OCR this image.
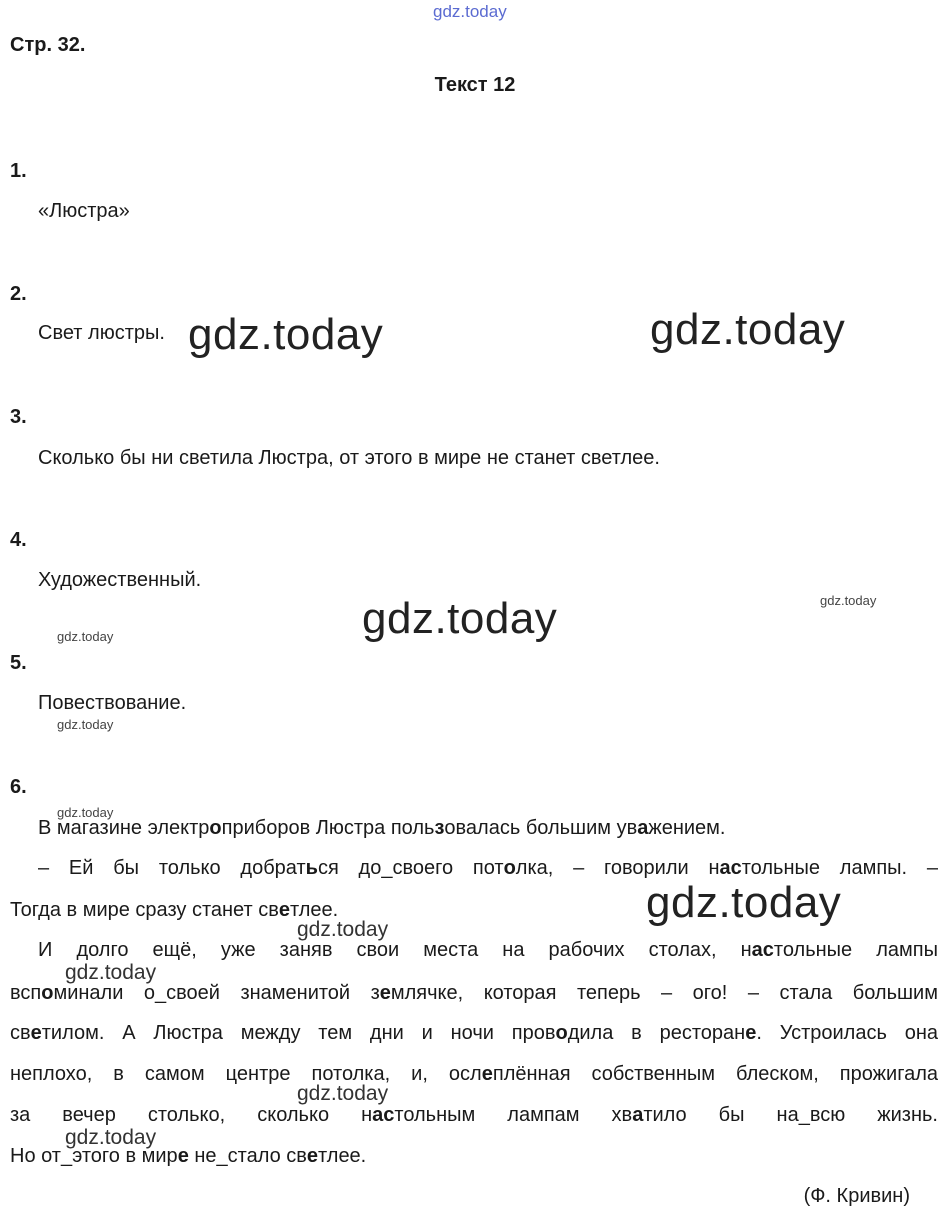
gdz.today
Стр. 32.
Текст 12
1.
«Люстра»
2.
Свет люстры.
3.
Сколько бы ни светила Люстра, от этого в мире не станет светлее.
4.
Художественный.
5.
Повествование.
6.
В магазине электроприборов Люстра пользовалась большим уважением.
– Ей бы только добраться до_своего потолка, – говорили настольные лампы. –
Тогда в мире сразу станет светлее.
И долго ещё, уже заняв свои места на рабочих столах, настольные лампы
вспоминали о_своей знаменитой землячке, которая теперь – ого! – стала большим
светилом. А Люстра между тем дни и ночи проводила в ресторане. Устроилась она
неплохо, в самом центре потолка, и, ослеплённая собственным блеском, прожигала
за вечер столько, сколько настольным лампам хватило бы на_всю жизнь.
Но от_этого в мире не_стало светлее.
(Ф. Кривин)
gdz.today	gdz.today
gdz.today
gdz.today
gdz.today
gdz.today
gdz.today
gdz.today
gdz.today
gdz.today
gdz.today
gdz.today
